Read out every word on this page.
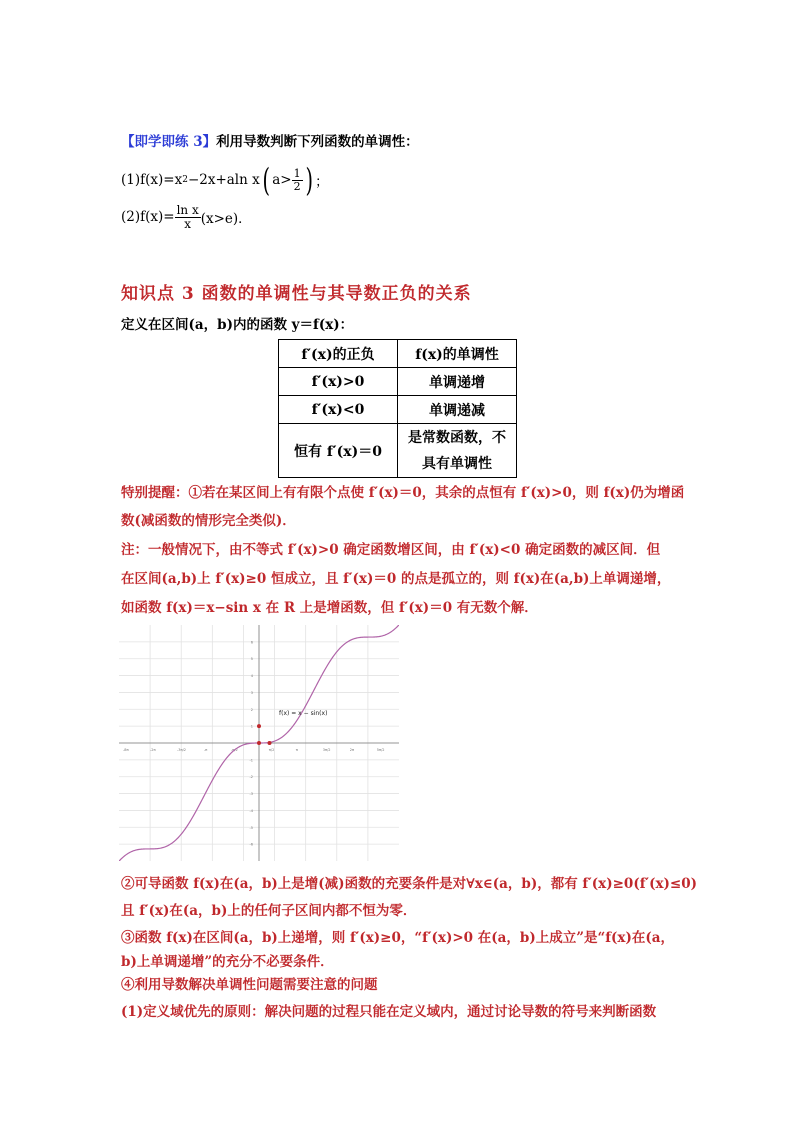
【即学即练 3】利用导数判断下列函数的单调性：
(1)f(x)=x 2 −2x+aln x ( $a> \frac{1}{2}$ ) ；
$(2)f(x)= \frac{\text{ln x}}{x} (x>e)$．
知识点 3 函数的单调性与其导数正负的关系
定义在区间(a，b)内的函数 y＝f(x)：
f′(x)的正负	f(x)的单调性
f′(x)>0	单调递增
f′(x)<0	单调递减
恒有 f′(x)＝0	是常数函数，不具有单调性
特别提醒：①若在某区间上有有限个点使 f′(x)＝0，其余的点恒有 f′(x)>0，则 f(x)仍为增函
数(减函数的情形完全类似)．
注：一般情况下，由不等式 f′(x)>0 确定函数增区间，由 f′(x)<0 确定函数的减区间．但
在区间(a,b)上 f′(x)≥0 恒成立，且 f′(x)＝0 的点是孤立的，则 f(x)在(a,b)上单调递增，
如函数 f(x)＝x−sin x 在 R 上是增函数，但 f′(x)＝0 有无数个解．
-8π	-2π	-3π/2	-π	-π/2	π/2	π	3π/2	2π	5π/2
6
5
4
3
2
1
-1
-2
-3
-4
-5
-6
f(x) = x − sin(x)
②可导函数 f(x)在(a，b)上是增(减)函数的充要条件是对∀x∈(a，b)，都有 f′(x)≥0(f′(x)≤0)
且 f′(x)在(a，b)上的任何子区间内都不恒为零．
③函数 f(x)在区间(a，b)上递增，则 f′(x)≥0，“f′(x)>0 在(a，b)上成立”是“f(x)在(a，
b)上单调递增”的充分不必要条件．
④利用导数解决单调性问题需要注意的问题
(1)定义域优先的原则：解决问题的过程只能在定义域内，通过讨论导数的符号来判断函数
